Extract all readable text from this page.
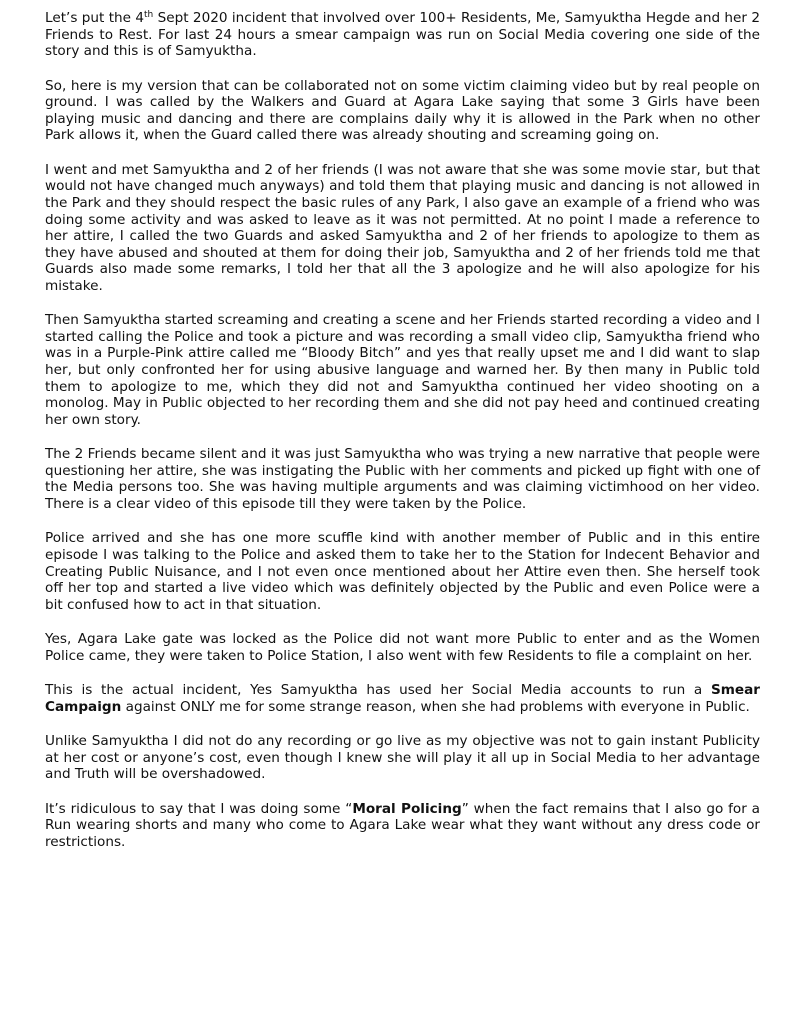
Let’s put the 4th Sept 2020 incident that involved over 100+ Residents, Me, Samyuktha Hegde and her 2 Friends to Rest. For last 24 hours a smear campaign was run on Social Media covering one side of the story and this is of Samyuktha.

So, here is my version that can be collaborated not on some victim claiming video but by real people on ground. I was called by the Walkers and Guard at Agara Lake saying that some 3 Girls have been playing music and dancing and there are complains daily why it is allowed in the Park when no other Park allows it, when the Guard called there was already shouting and screaming going on.

I went and met Samyuktha and 2 of her friends (I was not aware that she was some movie star, but that would not have changed much anyways) and told them that playing music and dancing is not allowed in the Park and they should respect the basic rules of any Park, I also gave an example of a friend who was doing some activity and was asked to leave as it was not permitted. At no point I made a reference to her attire, I called the two Guards and asked Samyuktha and 2 of her friends to apologize to them as they have abused and shouted at them for doing their job, Samyuktha and 2 of her friends told me that Guards also made some remarks, I told her that all the 3 apologize and he will also apologize for his mistake.

Then Samyuktha started screaming and creating a scene and her Friends started recording a video and I started calling the Police and took a picture and was recording a small video clip, Samyuktha friend who was in a Purple-Pink attire called me “Bloody Bitch” and yes that really upset me and I did want to slap her, but only confronted her for using abusive language and warned her. By then many in Public told them to apologize to me, which they did not and Samyuktha continued her video shooting on a monolog. May in Public objected to her recording them and she did not pay heed and continued creating her own story.

The 2 Friends became silent and it was just Samyuktha who was trying a new narrative that people were questioning her attire, she was instigating the Public with her comments and picked up fight with one of the Media persons too. She was having multiple arguments and was claiming victimhood on her video. There is a clear video of this episode till they were taken by the Police.

Police arrived and she has one more scuffle kind with another member of Public and in this entire episode I was talking to the Police and asked them to take her to the Station for Indecent Behavior and Creating Public Nuisance, and I not even once mentioned about her Attire even then. She herself took off her top and started a live video which was definitely objected by the Public and even Police were a bit confused how to act in that situation.

Yes, Agara Lake gate was locked as the Police did not want more Public to enter and as the Women Police came, they were taken to Police Station, I also went with few Residents to file a complaint on her.

This is the actual incident, Yes Samyuktha has used her Social Media accounts to run a Smear Campaign against ONLY me for some strange reason, when she had problems with everyone in Public.

Unlike Samyuktha I did not do any recording or go live as my objective was not to gain instant Publicity at her cost or anyone’s cost, even though I knew she will play it all up in Social Media to her advantage and Truth will be overshadowed.

It’s ridiculous to say that I was doing some “Moral Policing” when the fact remains that I also go for a Run wearing shorts and many who come to Agara Lake wear what they want without any dress code or restrictions.
